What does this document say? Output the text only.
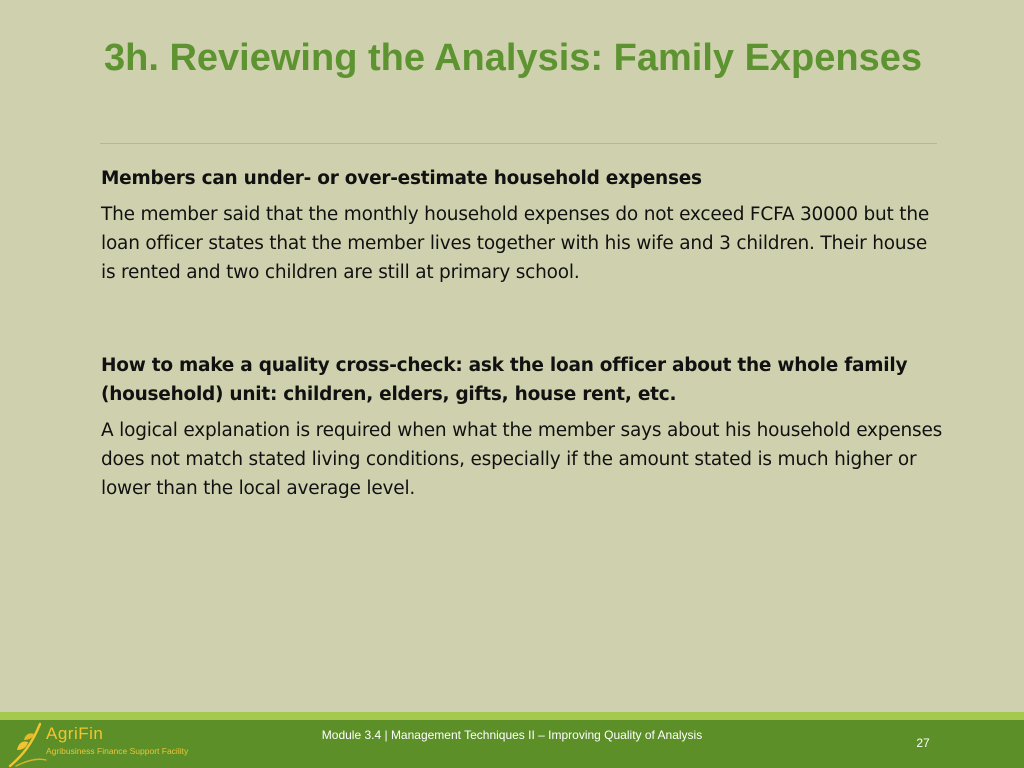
3h. Reviewing the Analysis: Family Expenses

Members can under- or over-estimate household expenses

The member said that the monthly household expenses do not exceed FCFA 30000 but the loan officer states that the member lives together with his wife and 3 children. Their house is rented and two children are still at primary school.

How to make a quality cross-check: ask the loan officer about the whole family (household) unit: children, elders, gifts, house rent, etc.

A logical explanation is required when what the member says about his household expenses does not match stated living conditions, especially if the amount stated is much higher or lower than the local average level.

AgriFin
Agribusiness Finance Support Facility
Module 3.4 | Management Techniques II – Improving Quality of Analysis
27
